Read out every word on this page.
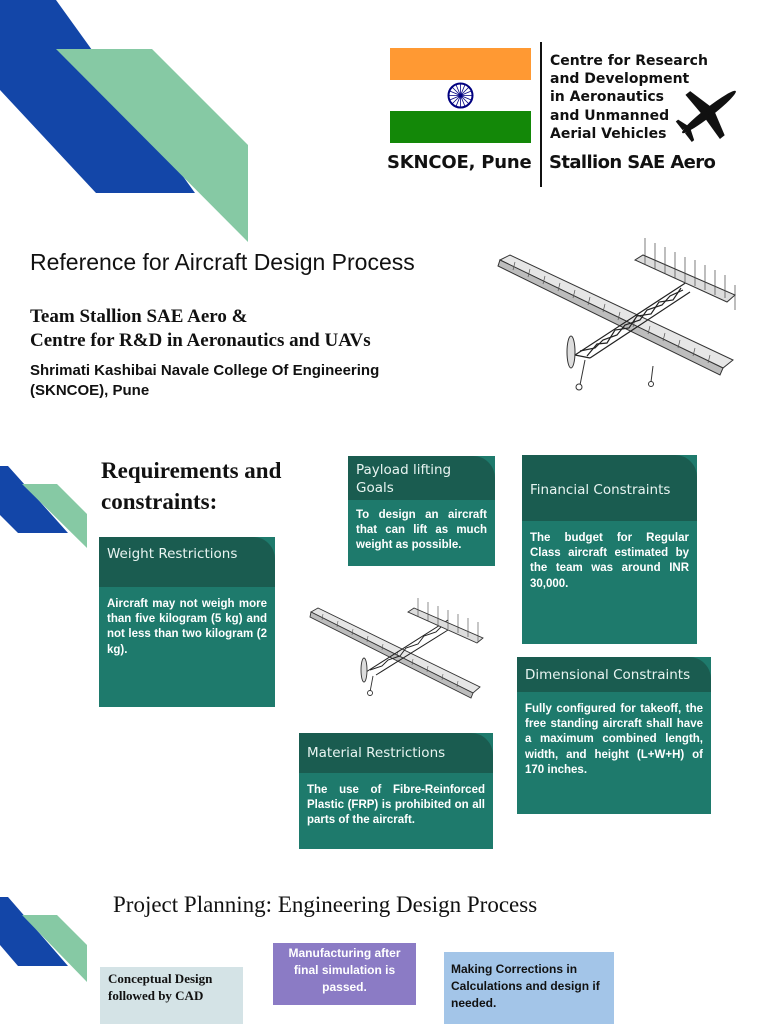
Centre for Research
and Development
in Aeronautics
and Unmanned
Aerial Vehicles
SKNCOE, Pune Stallion SAE Aero
Reference for Aircraft Design Process
Team Stallion SAE Aero &
Centre for R&D in Aeronautics and UAVs
Shrimati Kashibai Navale College Of Engineering
(SKNCOE), Pune
Requirements and
constraints:
Weight Restrictions
Aircraft may not weigh more than five kilogram (5 kg) and not less than two kilogram (2 kg).
Payload lifting Goals
To design an aircraft that can lift as much weight as possible.
Financial Constraints
The budget for Regular Class aircraft estimated by the team was around INR 30,000.
Dimensional Constraints
Fully configured for takeoff, the free standing aircraft shall have a maximum combined length, width, and height (L+W+H) of 170 inches.
Material Restrictions
The use of Fibre-Reinforced Plastic (FRP) is prohibited on all parts of the aircraft.
Project Planning: Engineering Design Process
Conceptual Design followed by CAD
Manufacturing after final simulation is passed.
Making Corrections in Calculations and design if needed.
